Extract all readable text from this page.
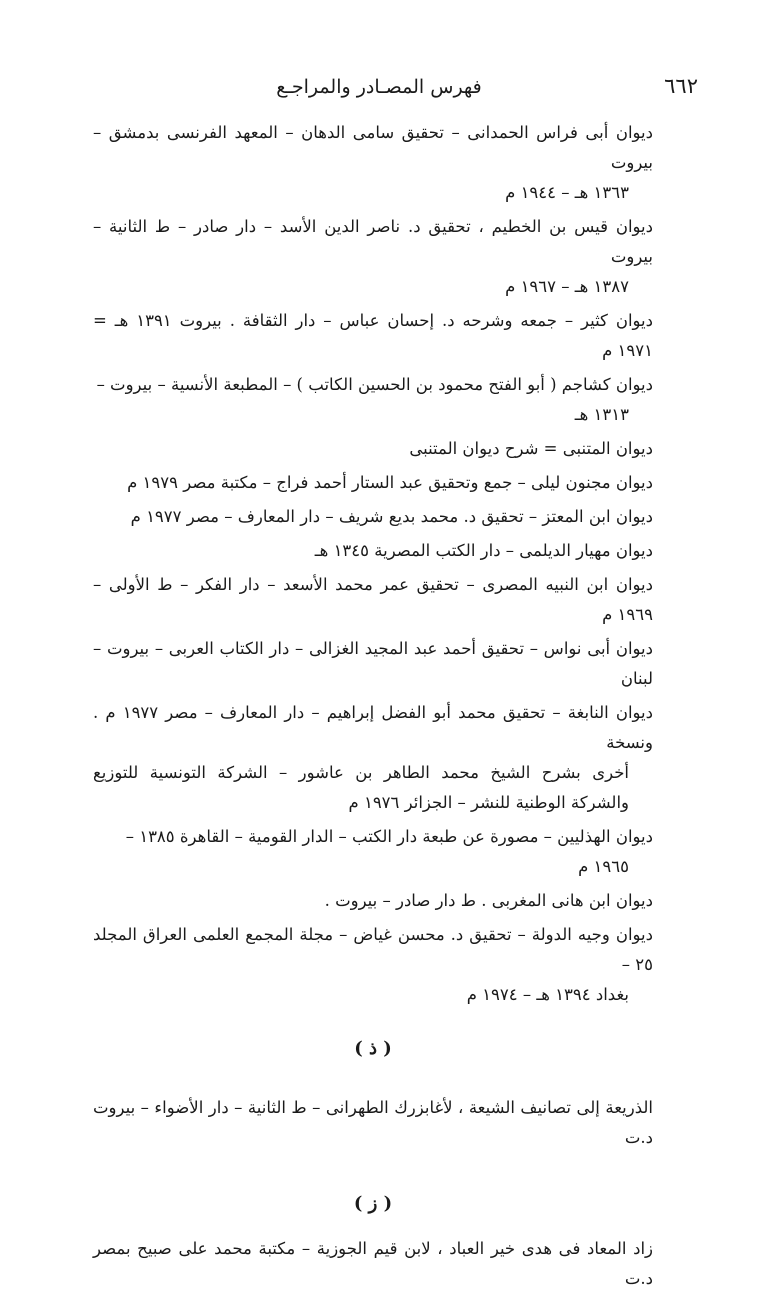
٦٦٢
فهرس المصـادر والمراجـع
ديوان أبى فراس الحمدانى – تحقيق سامى الدهان – المعهد الفرنسى بدمشق – بيروت
١٣٦٣ هـ – ١٩٤٤ م
ديوان قيس بن الخطيم ، تحقيق د. ناصر الدين الأسد – دار صادر – ط الثانية – بيروت
١٣٨٧ هـ – ١٩٦٧ م
ديوان كثير – جمعه وشرحه د. إحسان عباس – دار الثقافة . بيروت ١٣٩١ هـ = ١٩٧١ م
ديوان كشاجم ( أبو الفتح محمود بن الحسين الكاتب ) – المطبعة الأنسية – بيروت –
١٣١٣ هـ
ديوان المتنبى = شرح ديوان المتنبى
ديوان مجنون ليلى – جمع وتحقيق عبد الستار أحمد فراج – مكتبة مصر ١٩٧٩ م
ديوان ابن المعتز – تحقيق د. محمد بديع شريف – دار المعارف – مصر ١٩٧٧ م
ديوان مهيار الديلمى – دار الكتب المصرية ١٣٤٥ هـ
ديوان ابن النبيه المصرى – تحقيق عمر محمد الأسعد – دار الفكر – ط الأولى – ١٩٦٩ م
ديوان أبى نواس – تحقيق أحمد عبد المجيد الغزالى – دار الكتاب العربى – بيروت – لبنان
ديوان النابغة – تحقيق محمد أبو الفضل إبراهيم – دار المعارف – مصر ١٩٧٧ م . ونسخة
أخرى بشرح الشيخ محمد الطاهر بن عاشور – الشركة التونسية للتوزيع والشركة الوطنية للنشر – الجزائر ١٩٧٦ م
ديوان الهذليين – مصورة عن طبعة دار الكتب – الدار القومية – القاهرة ١٣٨٥ –
١٩٦٥ م
ديوان ابن هانى المغربى . ط دار صادر – بيروت .
ديوان وجيه الدولة – تحقيق د. محسن غياض – مجلة المجمع العلمى العراق المجلد ٢٥ –
بغداد ١٣٩٤ هـ – ١٩٧٤ م
( ذ )
الذريعة إلى تصانيف الشيعة ، لأغابزرك الطهرانى – ط الثانية – دار الأضواء – بيروت د.ت
( ز )
زاد المعاد فى هدى خير العباد ، لابن قيم الجوزية – مكتبة محمد على صبيح بمصر د.ت
